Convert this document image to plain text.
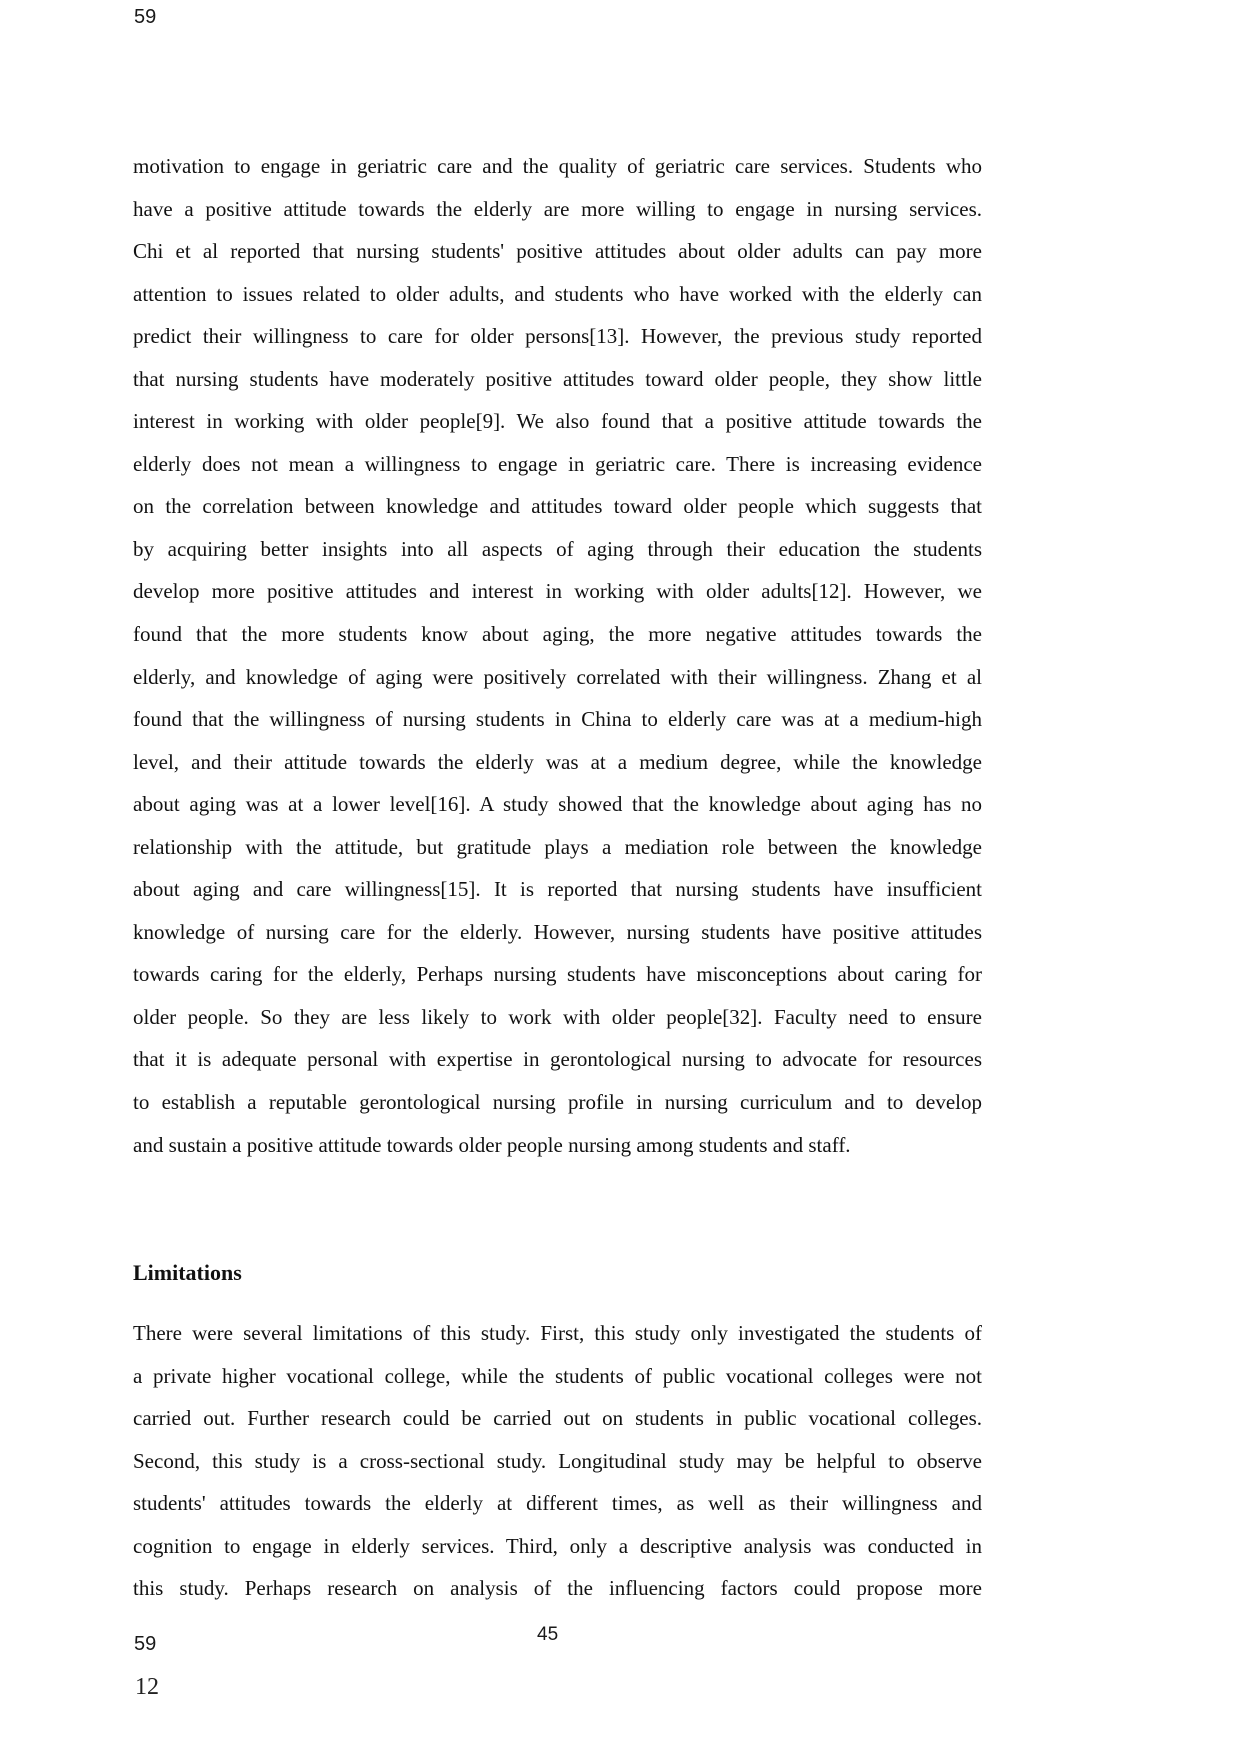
59
motivation to engage in geriatric care and the quality of geriatric care services. Students who
have a positive attitude towards the elderly are more willing to engage in nursing services.
Chi et al reported that nursing students' positive attitudes about older adults can pay more
attention to issues related to older adults, and students who have worked with the elderly can
predict their willingness to care for older persons[13]. However, the previous study reported
that nursing students have moderately positive attitudes toward older people, they show little
interest in working with older people[9]. We also found that a positive attitude towards the
elderly does not mean a willingness to engage in geriatric care. There is increasing evidence
on the correlation between knowledge and attitudes toward older people which suggests that
by acquiring better insights into all aspects of aging through their education the students
develop more positive attitudes and interest in working with older adults[12]. However, we
found that the more students know about aging, the more negative attitudes towards the
elderly, and knowledge of aging were positively correlated with their willingness. Zhang et al
found that the willingness of nursing students in China to elderly care was at a medium-high
level, and their attitude towards the elderly was at a medium degree, while the knowledge
about aging was at a lower level[16]. A study showed that the knowledge about aging has no
relationship with the attitude, but gratitude plays a mediation role between the knowledge
about aging and care willingness[15]. It is reported that nursing students have insufficient
knowledge of nursing care for the elderly. However, nursing students have positive attitudes
towards caring for the elderly, Perhaps nursing students have misconceptions about caring for
older people. So they are less likely to work with older people[32]. Faculty need to ensure
that it is adequate personal with expertise in gerontological nursing to advocate for resources
to establish a reputable gerontological nursing profile in nursing curriculum and to develop
and sustain a positive attitude towards older people nursing among students and staff.
Limitations
There were several limitations of this study. First, this study only investigated the students of
a private higher vocational college, while the students of public vocational colleges were not
carried out. Further research could be carried out on students in public vocational colleges.
Second, this study is a cross-sectional study. Longitudinal study may be helpful to observe
students' attitudes towards the elderly at different times, as well as their willingness and
cognition to engage in elderly services. Third, only a descriptive analysis was conducted in
this study. Perhaps research on analysis of the influencing factors could propose more
59	45
12
